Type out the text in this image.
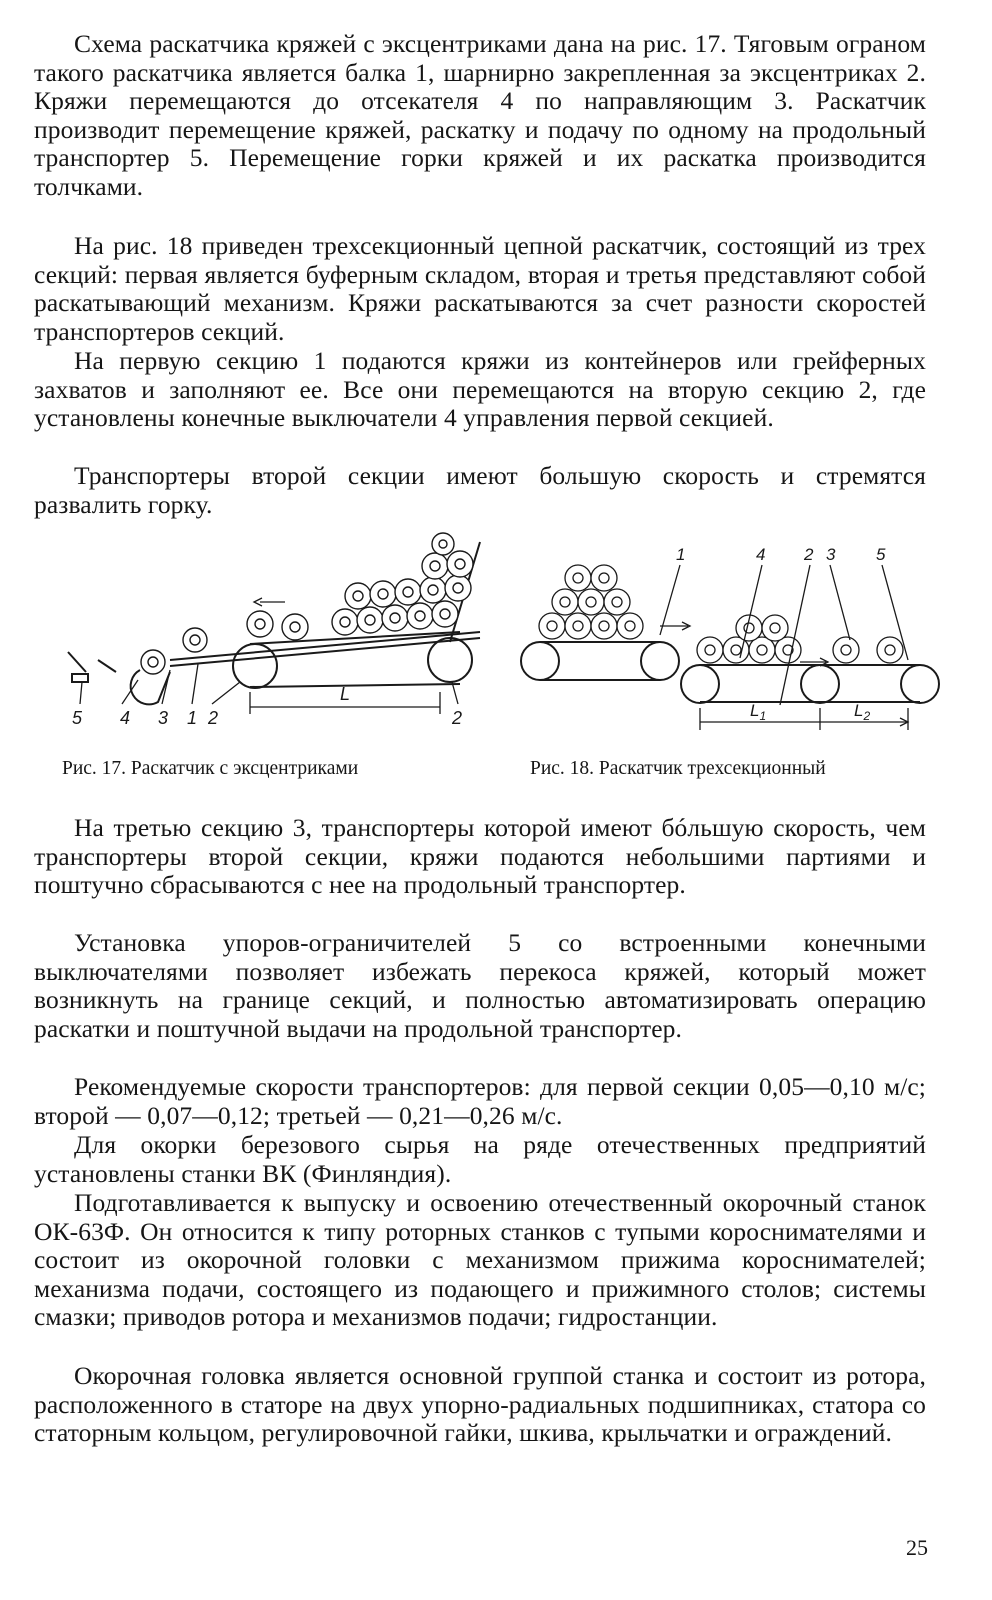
Схема раскатчика кряжей с эксцентриками дана на рис. 17. Тяговым ограном такого раскатчика является балка 1, шарнирно закрепленная за эксцентриках 2. Кряжи перемещаются до отсекателя 4 по направляющим 3. Раскатчик производит перемещение кряжей, раскатку и подачу по одному на продольный транспортер 5. Перемещение горки кряжей и их раскатка производится толчками.

На рис. 18 приведен трехсекционный цепной раскатчик, состоящий из трех секций: первая является буферным складом, вторая и третья представляют собой раскатывающий механизм. Кряжи раскатываются за счет разности скоростей транспортеров секций.

На первую секцию 1 подаются кряжи из контейнеров или грейферных захватов и заполняют ее. Все они перемещаются на вторую секцию 2, где установлены конечные выключатели 4 управления первой секцией.

Транспортеры второй секции имеют большую скорость и стремятся развалить горку.

5 4 3 1 2
L
2
1	4 2 3 5
$L_1$	$L_2$
Рис. 17. Раскатчик с эксцентриками	Рис. 18. Раскатчик трехсекционный

На третью секцию 3, транспортеры которой имеют бóльшую скорость, чем транспортеры второй секции, кряжи подаются небольшими партиями и поштучно сбрасываются с нее на продольный транспортер.

Установка упоров-ограничителей 5 со встроенными конечными выключателями позволяет избежать перекоса кряжей, который может возникнуть на границе секций, и полностью автоматизировать операцию раскатки и поштучной выдачи на продольной транспортер.

Рекомендуемые скорости транспортеров: для первой секции 0,05—0,10 м/с; второй — 0,07—0,12; третьей — 0,21—0,26 м/с.

Для окорки березового сырья на ряде отечественных предприятий установлены станки ВК (Финляндия).

Подготавливается к выпуску и освоению отечественный окорочный станок ОК-63Ф. Он относится к типу роторных станков с тупыми короснимателями и состоит из окорочной головки с механизмом прижима короснимателей; механизма подачи, состоящего из подающего и прижимного столов; системы смазки; приводов ротора и механизмов подачи; гидростанции.

Окорочная головка является основной группой станка и состоит из ротора, расположенного в статоре на двух упорно-радиальных подшипниках, статора со статорным кольцом, регулировочной гайки, шкива, крыльчатки и ограждений.

25
